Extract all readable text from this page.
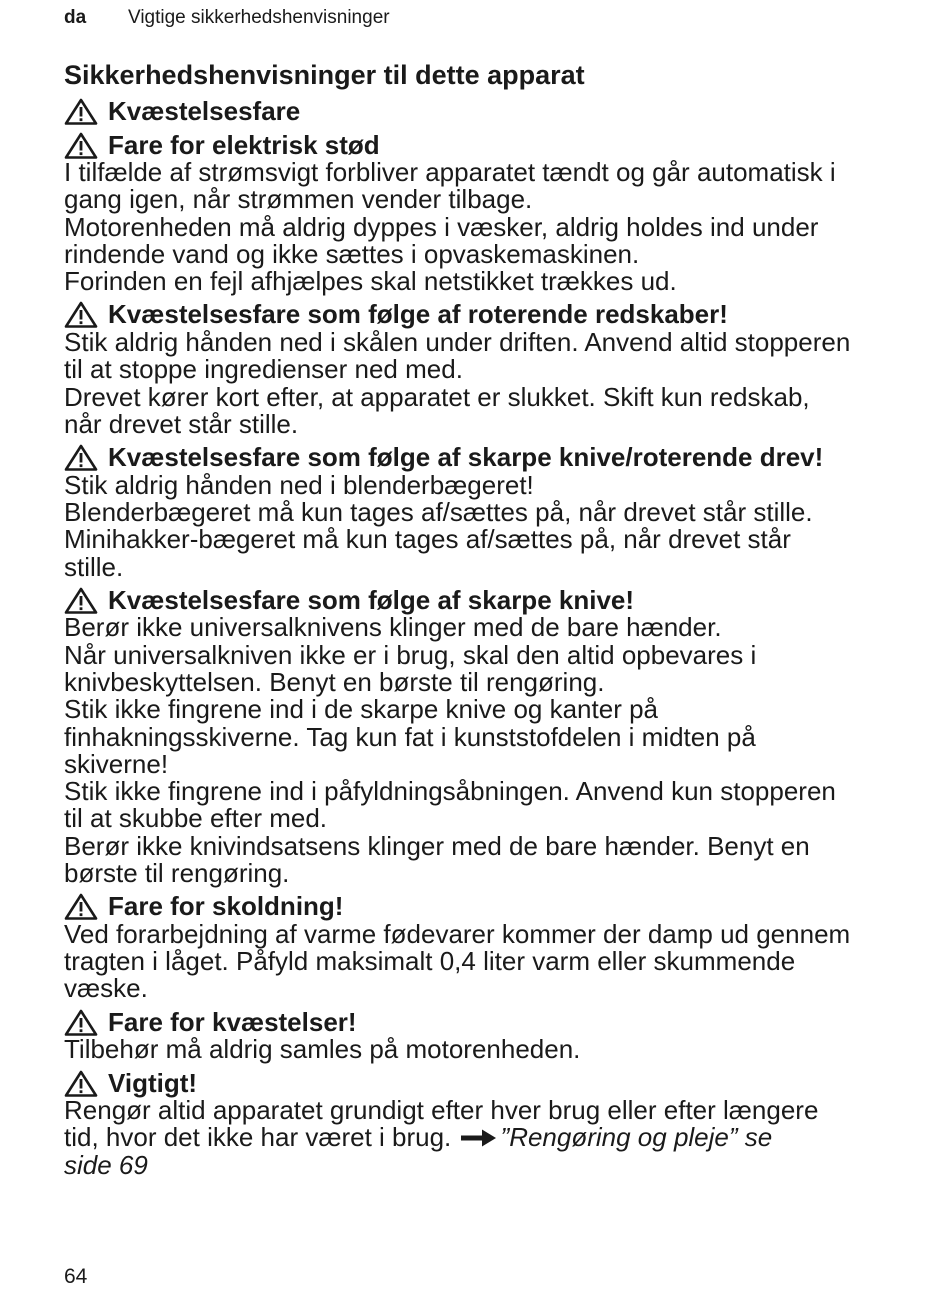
da Vigtige sikkerhedshenvisninger
Sikkerhedshenvisninger til dette apparat
Kvæstelsesfare
Fare for elektrisk stød

I tilfælde af strømsvigt forbliver apparatet tændt og går automatisk i

gang igen, når strømmen vender tilbage.

Motorenheden må aldrig dyppes i væsker, aldrig holdes ind under

rindende vand og ikke sættes i opvaskemaskinen.

Forinden en fejl afhjælpes skal netstikket trækkes ud.

Kvæstelsesfare som følge af roterende redskaber!

Stik aldrig hånden ned i skålen under driften. Anvend altid stopperen

til at stoppe ingredienser ned med.

Drevet kører kort efter, at apparatet er slukket. Skift kun redskab,

når drevet står stille.

Kvæstelsesfare som følge af skarpe knive/roterende drev!

Stik aldrig hånden ned i blenderbægeret!

Blenderbægeret må kun tages af/sættes på, når drevet står stille.

Minihakker-bægeret må kun tages af/sættes på, når drevet står

stille.

Kvæstelsesfare som følge af skarpe knive!

Berør ikke universalknivens klinger med de bare hænder.

Når universalkniven ikke er i brug, skal den altid opbevares i

knivbeskyttelsen. Benyt en børste til rengøring.

Stik ikke fingrene ind i de skarpe knive og kanter på

finhakningsskiverne. Tag kun fat i kunststofdelen i midten på

skiverne!

Stik ikke fingrene ind i påfyldningsåbningen. Anvend kun stopperen

til at skubbe efter med.

Berør ikke knivindsatsens klinger med de bare hænder. Benyt en

børste til rengøring.

Fare for skoldning!

Ved forarbejdning af varme fødevarer kommer der damp ud gennem

tragten i låget. Påfyld maksimalt 0,4 liter varm eller skummende

væske.

Fare for kvæstelser!

Tilbehør må aldrig samles på motorenheden.

Vigtigt!

Rengør altid apparatet grundigt efter hver brug eller efter længere

tid, hvor det ikke har været i brug. ”Rengøring og pleje” se

side 69

64
